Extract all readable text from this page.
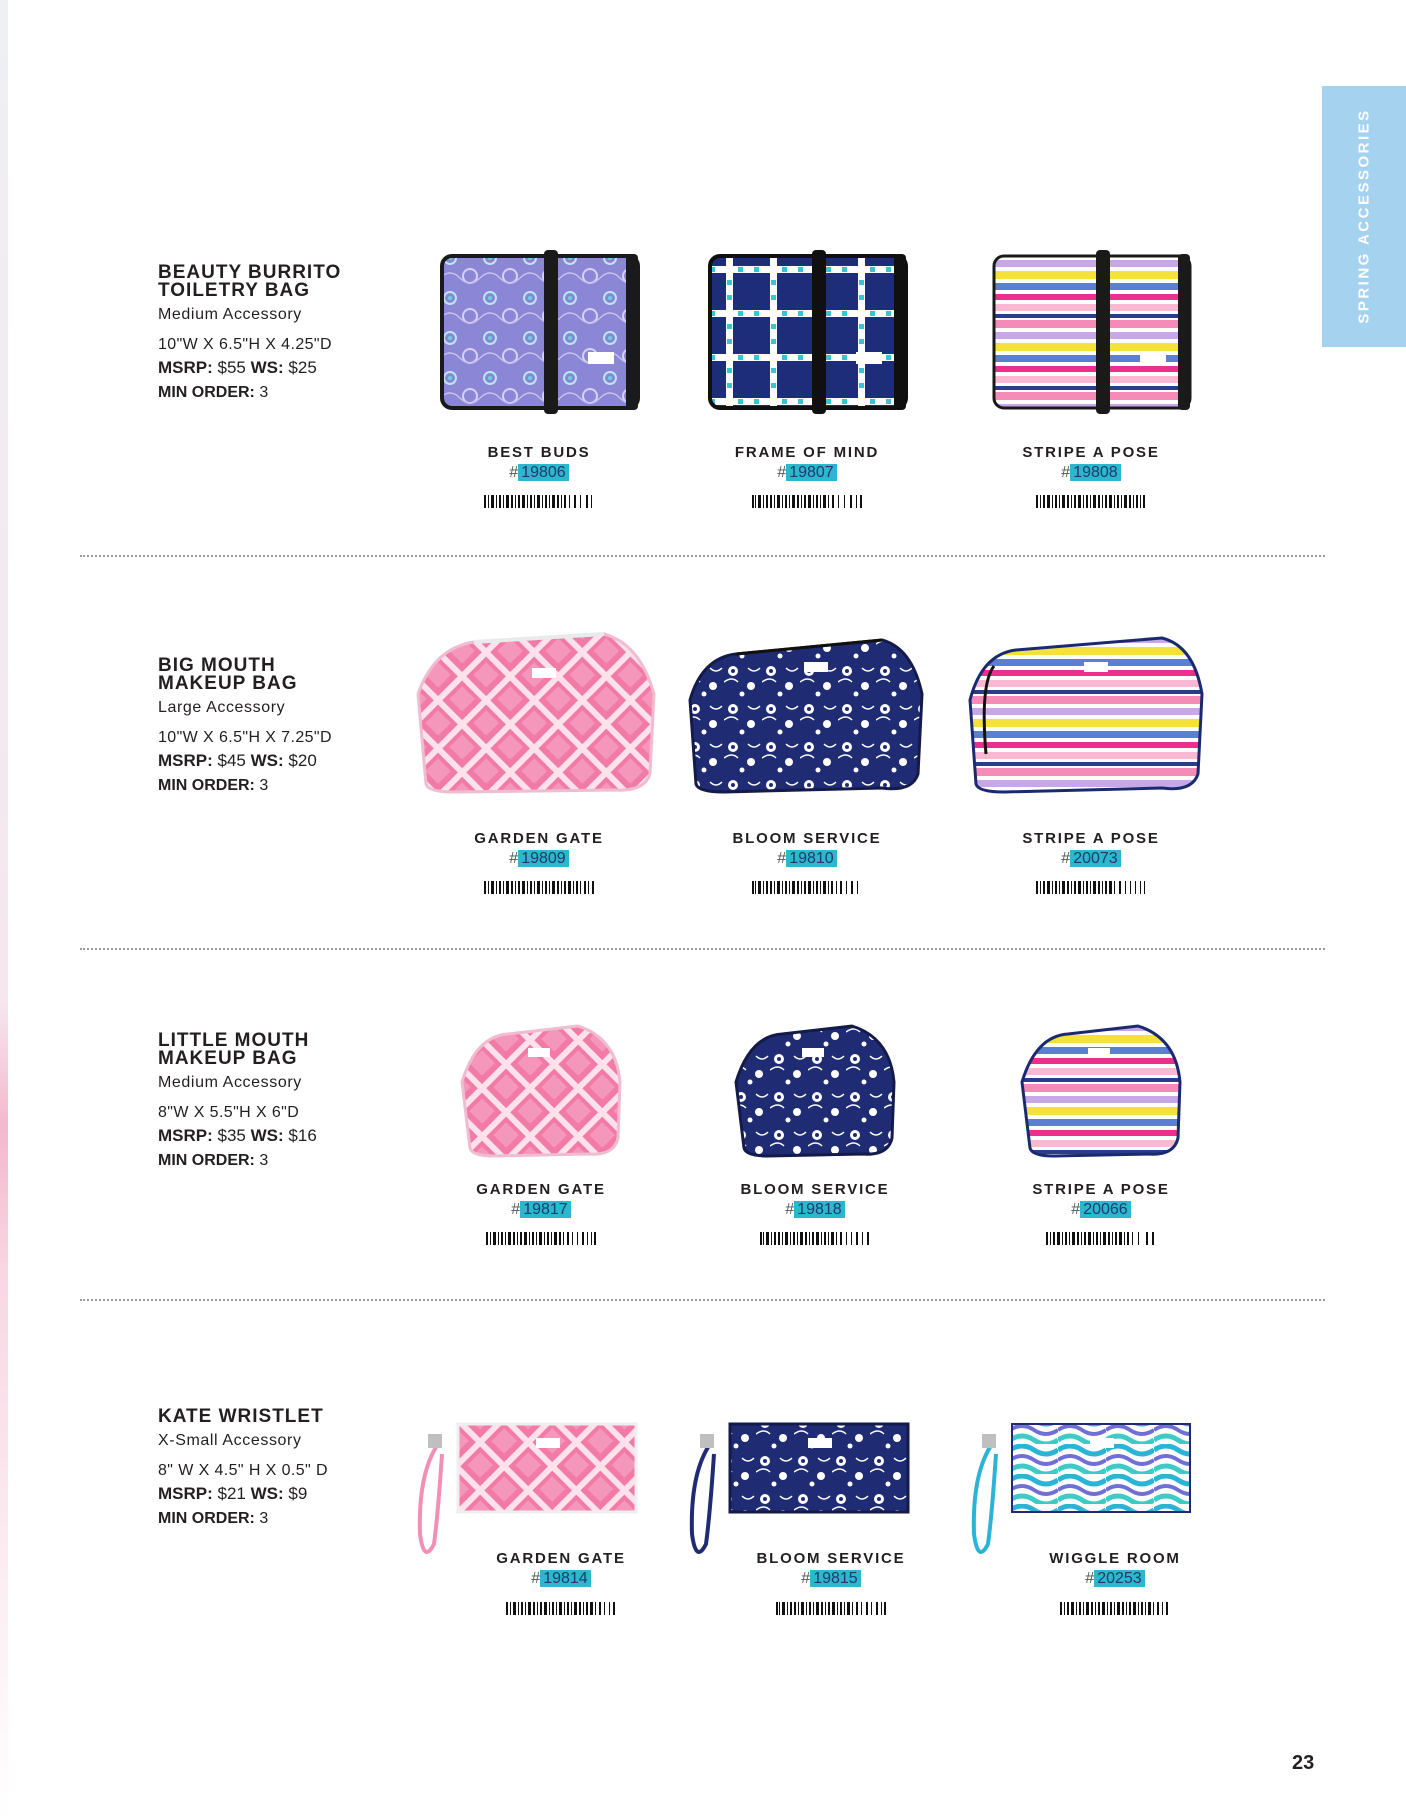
SPRING ACCESSORIES
BEAUTY BURRITO
TOILETRY BAG
Medium Accessory
10"W X 6.5"H X 4.25"D
MSRP: $55 WS: $25
MIN ORDER: 3
BEST BUDS
# 19806
FRAME OF MIND
# 19807
STRIPE A POSE
# 19808
BIG MOUTH
MAKEUP BAG
Large Accessory
10"W X 6.5"H X 7.25"D
MSRP: $45 WS: $20
MIN ORDER: 3
GARDEN GATE
# 19809
BLOOM SERVICE
# 19810
STRIPE A POSE
# 20073
LITTLE MOUTH
MAKEUP BAG
Medium Accessory
8"W X 5.5"H X 6"D
MSRP: $35 WS: $16
MIN ORDER: 3
GARDEN GATE
# 19817
BLOOM SERVICE
# 19818
STRIPE A POSE
# 20066
KATE WRISTLET
X-Small Accessory
8" W X 4.5" H X 0.5" D
MSRP: $21 WS: $9
MIN ORDER: 3
GARDEN GATE
# 19814
BLOOM SERVICE
# 19815
WIGGLE ROOM
# 20253
23
